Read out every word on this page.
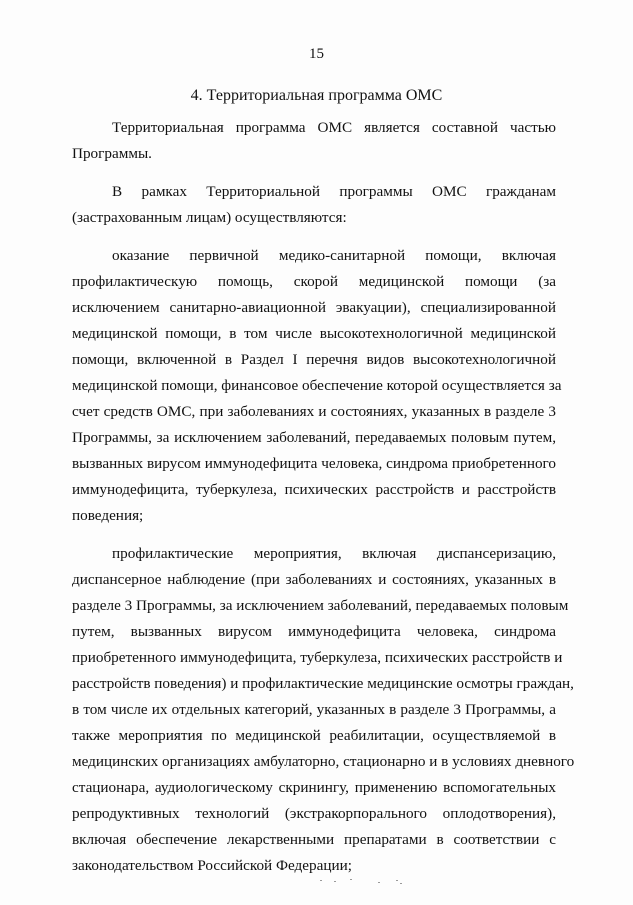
15
4. Территориальная программа ОМС

Территориальная программа ОМС является составной частью
Программы.

В рамках Территориальной программы ОМС гражданам
(застрахованным лицам) осуществляются:

оказание первичной медико-санитарной помощи, включая
профилактическую помощь, скорой медицинской помощи (за
исключением санитарно-авиационной эвакуации), специализированной
медицинской помощи, в том числе высокотехнологичной медицинской
помощи, включенной в Раздел I перечня видов высокотехнологичной
медицинской помощи, финансовое обеспечение которой осуществляется за
счет средств ОМС, при заболеваниях и состояниях, указанных в разделе 3
Программы, за исключением заболеваний, передаваемых половым путем,
вызванных вирусом иммунодефицита человека, синдрома приобретенного
иммунодефицита, туберкулеза, психических расстройств и расстройств
поведения;

профилактические мероприятия, включая диспансеризацию,
диспансерное наблюдение (при заболеваниях и состояниях, указанных в
разделе 3 Программы, за исключением заболеваний, передаваемых половым
путем, вызванных вирусом иммунодефицита человека, синдрома
приобретенного иммунодефицита, туберкулеза, психических расстройств и
расстройств поведения) и профилактические медицинские осмотры граждан,
в том числе их отдельных категорий, указанных в разделе 3 Программы, а
также мероприятия по медицинской реабилитации, осуществляемой в
медицинских организациях амбулаторно, стационарно и в условиях дневного
стационара, аудиологическому скринингу, применению вспомогательных
репродуктивных технологий (экстракорпорального оплодотворения),
включая обеспечение лекарственными препаратами в соответствии с
законодательством Российской Федерации;
